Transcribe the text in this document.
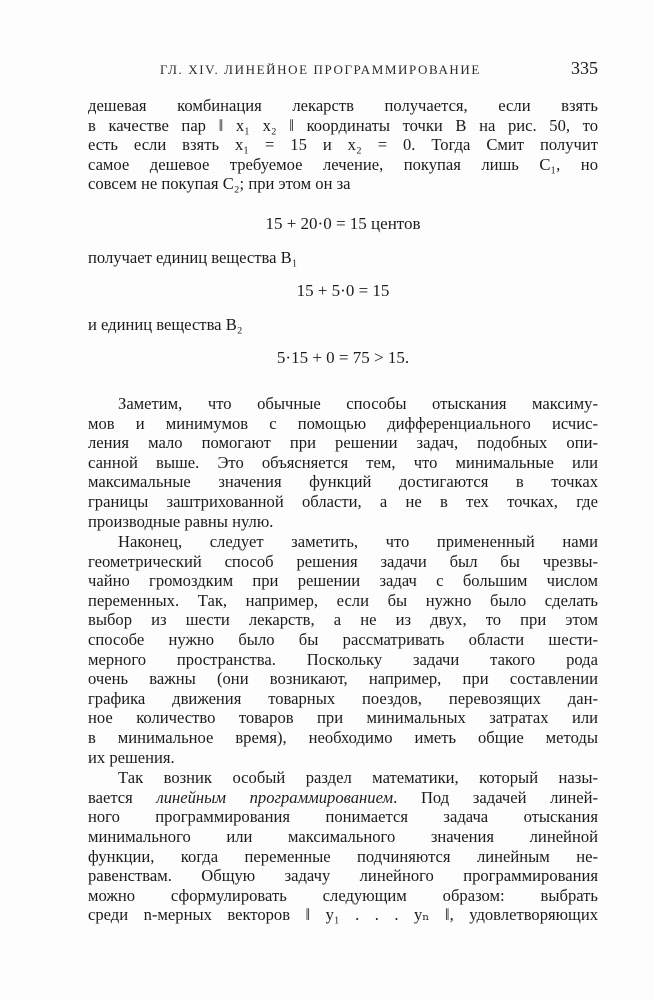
ГЛ. XIV. ЛИНЕЙНОЕ ПРОГРАММИРОВАНИЕ	335
дешевая комбинация лекарств получается, если взять
в качестве пар ‖ x₁ x₂ ‖ координаты точки B на рис. 50, то
есть если взять x₁ = 15 и x₂ = 0. Тогда Смит получит
самое дешевое требуемое лечение, покупая лишь C₁, но
совсем не покупая C₂; при этом он за
15 + 20·0 = 15 центов
получает единиц вещества B₁
15 + 5·0 = 15
и единиц вещества B₂
5·15 + 0 = 75 > 15.
Заметим, что обычные способы отыскания максиму-
мов и минимумов с помощью дифференциального исчис-
ления мало помогают при решении задач, подобных опи-
санной выше. Это объясняется тем, что минимальные или
максимальные значения функций достигаются в точках
границы заштрихованной области, а не в тех точках, где
производные равны нулю.
Наконец, следует заметить, что примененный нами
геометрический способ решения задачи был бы чрезвы-
чайно громоздким при решении задач с большим числом
переменных. Так, например, если бы нужно было сделать
выбор из шести лекарств, а не из двух, то при этом
способе нужно было бы рассматривать области шести-
мерного пространства. Поскольку задачи такого рода
очень важны (они возникают, например, при составлении
графика движения товарных поездов, перевозящих дан-
ное количество товаров при минимальных затратах или
в минимальное время), необходимо иметь общие методы
их решения.
Так возник особый раздел математики, который назы-
вается линейным программированием. Под задачей линей-
ного программирования понимается задача отыскания
минимального или максимального значения линейной
функции, когда переменные подчиняются линейным не-
равенствам. Общую задачу линейного программирования
можно сформулировать следующим образом: выбрать
среди n-мерных векторов ‖ y₁ . . . yₙ ‖, удовлетворяющих
